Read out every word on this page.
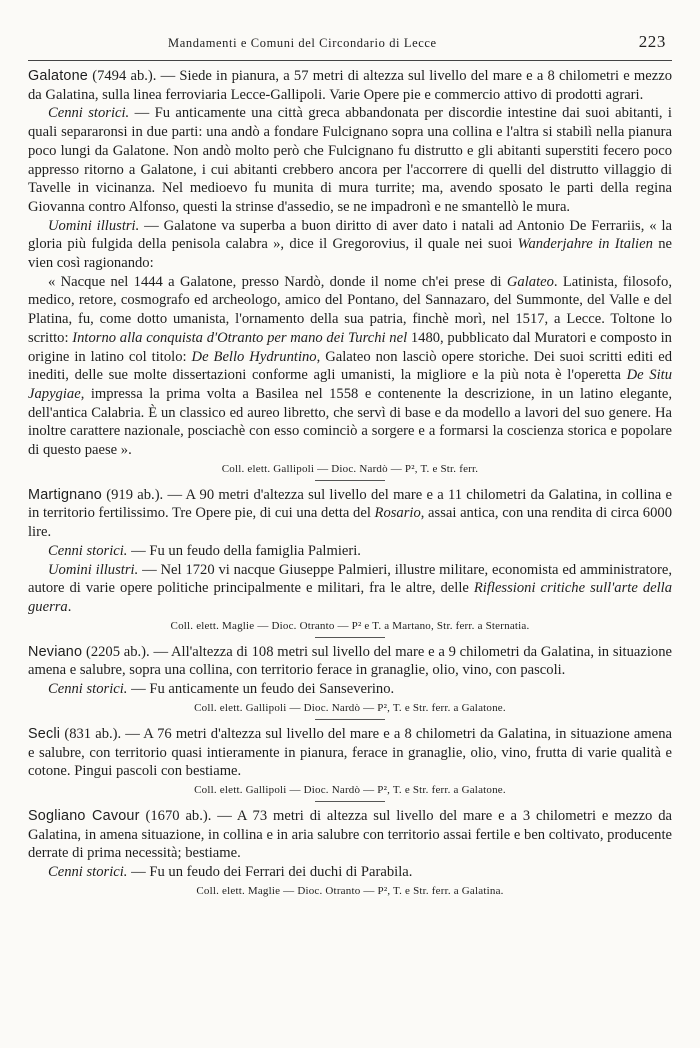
Mandamenti e Comuni del Circondario di Lecce	223

Galatone (7494 ab.). — Siede in pianura, a 57 metri di altezza sul livello del mare e a 8 chilometri e mezzo da Galatina, sulla linea ferroviaria Lecce-Gallipoli. Varie Opere pie e commercio attivo di prodotti agrari.

Cenni storici. — Fu anticamente una città greca abbandonata per discordie intestine dai suoi abitanti, i quali separaronsi in due parti: una andò a fondare Fulcignano sopra una collina e l'altra si stabilì nella pianura poco lungi da Galatone. Non andò molto però che Fulcignano fu distrutto e gli abitanti superstiti fecero poco appresso ritorno a Galatone, i cui abitanti crebbero ancora per l'accorrere di quelli del distrutto villaggio di Tavelle in vicinanza. Nel medioevo fu munita di mura turrite; ma, avendo sposato le parti della regina Giovanna contro Alfonso, questi la strinse d'assedio, se ne impadronì e ne smantellò le mura.

Uomini illustri. — Galatone va superba a buon diritto di aver dato i natali ad Antonio De Ferrariis, « la gloria più fulgida della penisola calabra », dice il Gregorovius, il quale nei suoi Wanderjahre in Italien ne vien così ragionando:

« Nacque nel 1444 a Galatone, presso Nardò, donde il nome ch'ei prese di Galateo. Latinista, filosofo, medico, retore, cosmografo ed archeologo, amico del Pontano, del Sannazaro, del Summonte, del Valle e del Platina, fu, come dotto umanista, l'ornamento della sua patria, finchè morì, nel 1517, a Lecce. Toltone lo scritto: Intorno alla conquista d'Otranto per mano dei Turchi nel 1480, pubblicato dal Muratori e composto in origine in latino col titolo: De Bello Hydruntino, Galateo non lasciò opere storiche. Dei suoi scritti editi ed inediti, delle sue molte dissertazioni conforme agli umanisti, la migliore e la più nota è l'operetta De Situ Japygiae, impressa la prima volta a Basilea nel 1558 e contenente la descrizione, in un latino elegante, dell'antica Calabria. È un classico ed aureo libretto, che servì di base e da modello a lavori del suo genere. Ha inoltre carattere nazionale, posciachè con esso cominciò a sorgere e a formarsi la coscienza storica e popolare di questo paese ».

Coll. elett. Gallipoli — Dioc. Nardò — P², T. e Str. ferr.

Martignano (919 ab.). — A 90 metri d'altezza sul livello del mare e a 11 chilometri da Galatina, in collina e in territorio fertilissimo. Tre Opere pie, di cui una detta del Rosario, assai antica, con una rendita di circa 6000 lire.

Cenni storici. — Fu un feudo della famiglia Palmieri.

Uomini illustri. — Nel 1720 vi nacque Giuseppe Palmieri, illustre militare, economista ed amministratore, autore di varie opere politiche principalmente e militari, fra le altre, delle Riflessioni critiche sull'arte della guerra.

Coll. elett. Maglie — Dioc. Otranto — P² e T. a Martano, Str. ferr. a Sternatia.

Neviano (2205 ab.). — All'altezza di 108 metri sul livello del mare e a 9 chilometri da Galatina, in situazione amena e salubre, sopra una collina, con territorio ferace in granaglie, olio, vino, con pascoli.

Cenni storici. — Fu anticamente un feudo dei Sanseverino.

Coll. elett. Gallipoli — Dioc. Nardò — P², T. e Str. ferr. a Galatone.

Secli (831 ab.). — A 76 metri d'altezza sul livello del mare e a 8 chilometri da Galatina, in situazione amena e salubre, con territorio quasi intieramente in pianura, ferace in granaglie, olio, vino, frutta di varie qualità e cotone. Pingui pascoli con bestiame.

Coll. elett. Gallipoli — Dioc. Nardò — P², T. e Str. ferr. a Galatone.

Sogliano Cavour (1670 ab.). — A 73 metri di altezza sul livello del mare e a 3 chilometri e mezzo da Galatina, in amena situazione, in collina e in aria salubre con territorio assai fertile e ben coltivato, producente derrate di prima necessità; bestiame.

Cenni storici. — Fu un feudo dei Ferrari dei duchi di Parabila.

Coll. elett. Maglie — Dioc. Otranto — P², T. e Str. ferr. a Galatina.
